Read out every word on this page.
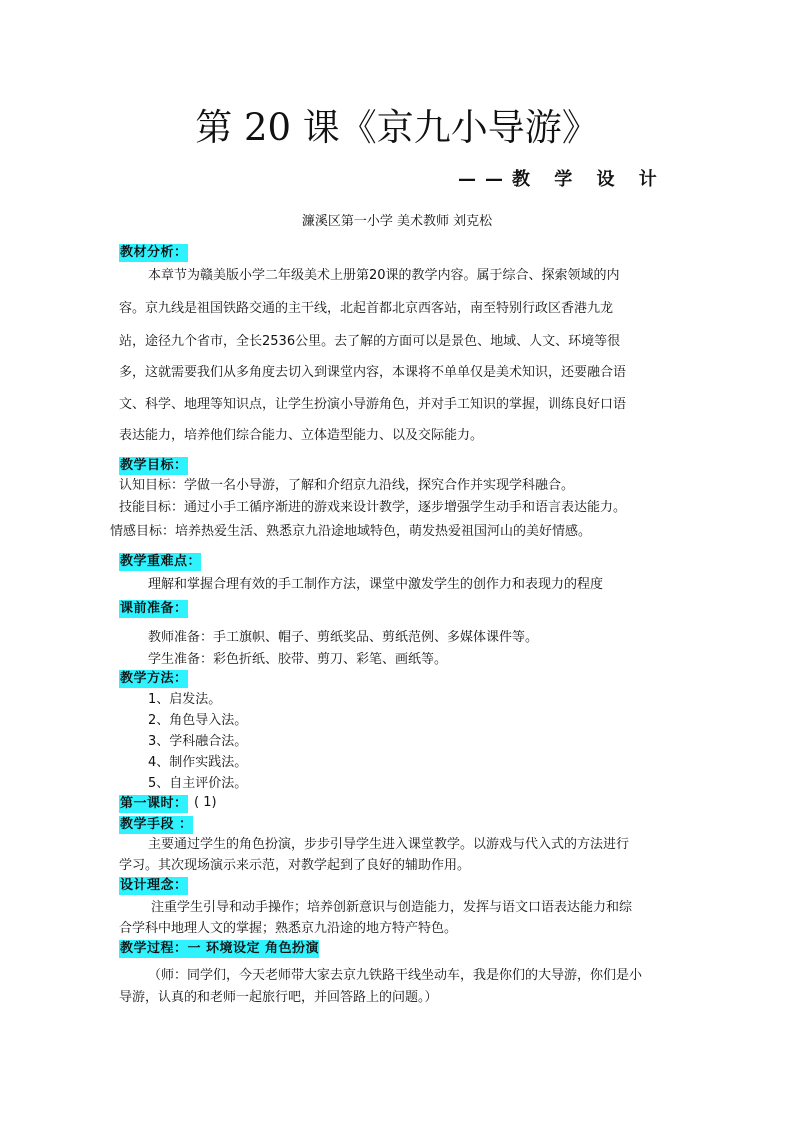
第 20 课《京九小导游》
——教 学 设 计
濂溪区第一小学 美术教师 刘克松
教材分析：
本章节为赣美版小学二年级美术上册第20课的教学内容。属于综合、探索领域的内
容。京九线是祖国铁路交通的主干线，北起首都北京西客站，南至特别行政区香港九龙
站，途径九个省市，全长2536公里。去了解的方面可以是景色、地域、人文、环境等很
多，这就需要我们从多角度去切入到课堂内容，本课将不单单仅是美术知识，还要融合语
文、科学、地理等知识点，让学生扮演小导游角色，并对手工知识的掌握，训练良好口语
表达能力，培养他们综合能力、立体造型能力、以及交际能力。
教学目标：
认知目标：学做一名小导游，了解和介绍京九沿线，探究合作并实现学科融合。
技能目标：通过小手工循序渐进的游戏来设计教学，逐步增强学生动手和语言表达能力。
情感目标：培养热爱生活、熟悉京九沿途地域特色，萌发热爱祖国河山的美好情感。
教学重难点：
理解和掌握合理有效的手工制作方法，课堂中激发学生的创作力和表现力的程度
课前准备：
教师准备：手工旗帜、帽子、剪纸奖品、剪纸范例、多媒体课件等。
学生准备：彩色折纸、胶带、剪刀、彩笔、画纸等。
教学方法：
1、启发法。
2、角色导入法。
3、学科融合法。
4、制作实践法。
5、自主评价法。
第一课时： ( 1)
教学手段 ：
主要通过学生的角色扮演，步步引导学生进入课堂教学。以游戏与代入式的方法进行
学习。其次现场演示来示范，对教学起到了良好的辅助作用。
设计理念：
注重学生引导和动手操作；培养创新意识与创造能力，发挥与语文口语表达能力和综
合学科中地理人文的掌握；熟悉京九沿途的地方特产特色。
教学过程：一 环境设定 角色扮演
（师：同学们，今天老师带大家去京九铁路干线坐动车，我是你们的大导游，你们是小
导游，认真的和老师一起旅行吧，并回答路上的问题。）
